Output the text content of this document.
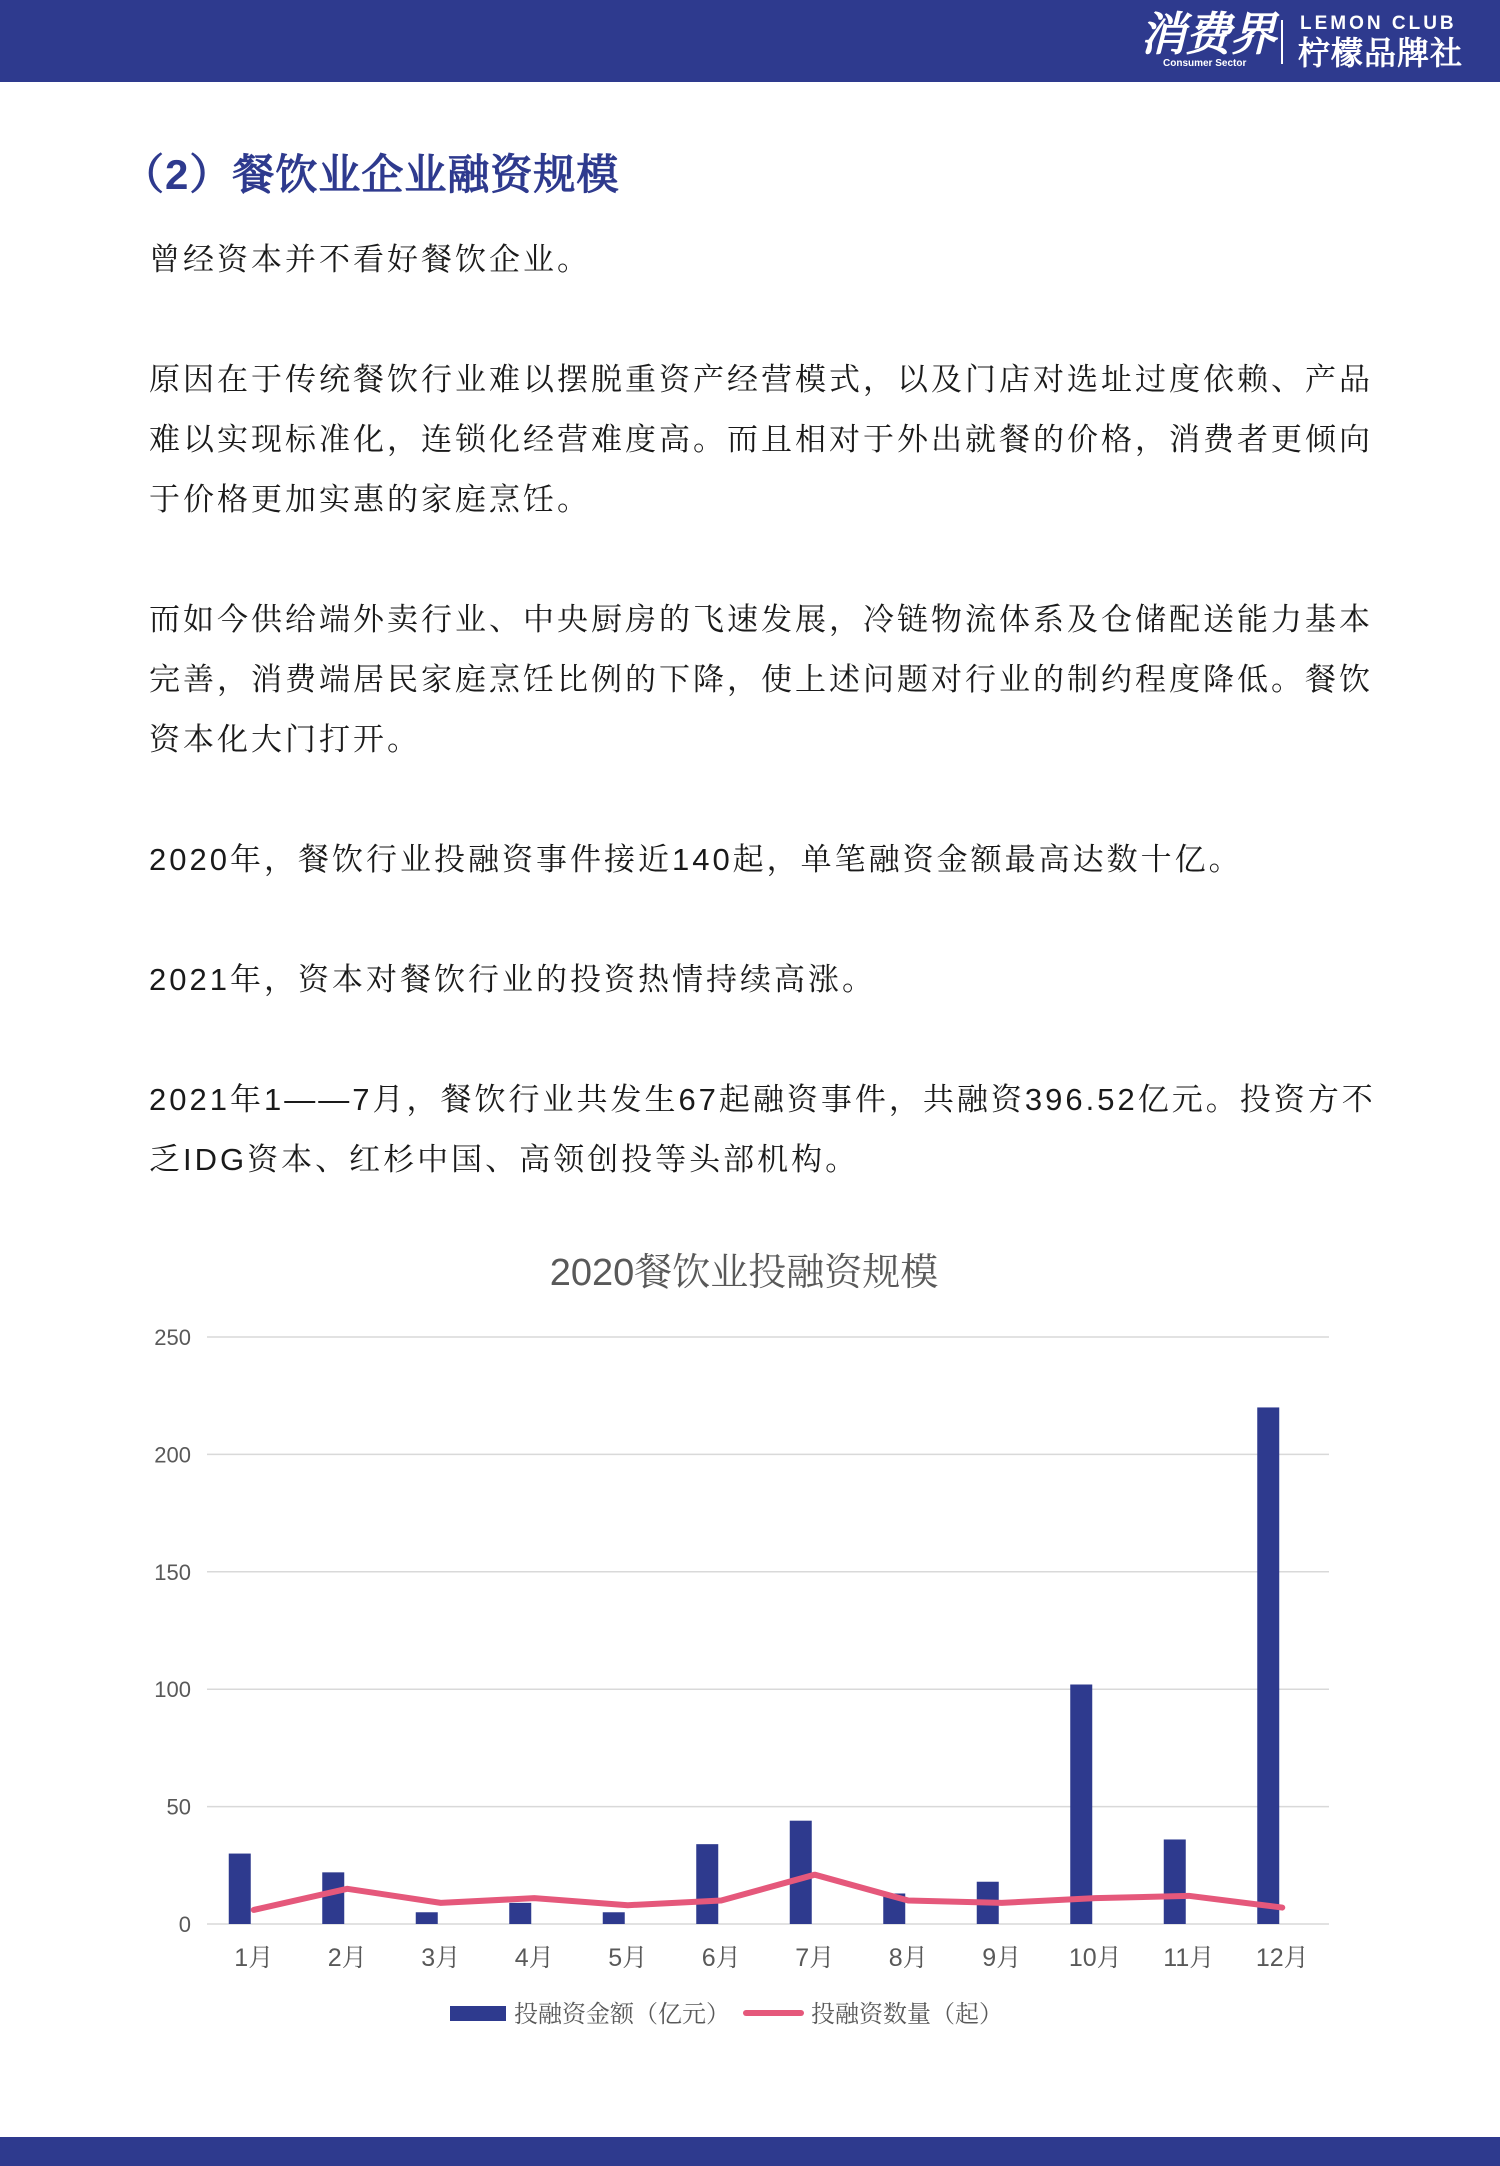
消费界
Consumer Sector
LEMON CLUB
柠檬品牌社
（2）餐饮业企业融资规模

曾经资本并不看好餐饮企业。

原因在于传统餐饮行业难以摆脱重资产经营模式，以及门店对选址过度依赖、产品
难以实现标准化，连锁化经营难度高。而且相对于外出就餐的价格，消费者更倾向
于价格更加实惠的家庭烹饪。

而如今供给端外卖行业、中央厨房的飞速发展，冷链物流体系及仓储配送能力基本
完善，消费端居民家庭烹饪比例的下降，使上述问题对行业的制约程度降低。餐饮
资本化大门打开。

2020年，餐饮行业投融资事件接近140起，单笔融资金额最高达数十亿。

2021年，资本对餐饮行业的投资热情持续高涨。

2021年1——7月，餐饮行业共发生67起融资事件，共融资396.52亿元。投资方不
乏IDG资本、红杉中国、高领创投等头部机构。

2020餐饮业投融资规模
0
50
100
150
200
250
1月 2月 3月 4月 5月 6月 7月 8月 9月 10月 11月 12月
投融资金额（亿元）	投融资数量（起）
